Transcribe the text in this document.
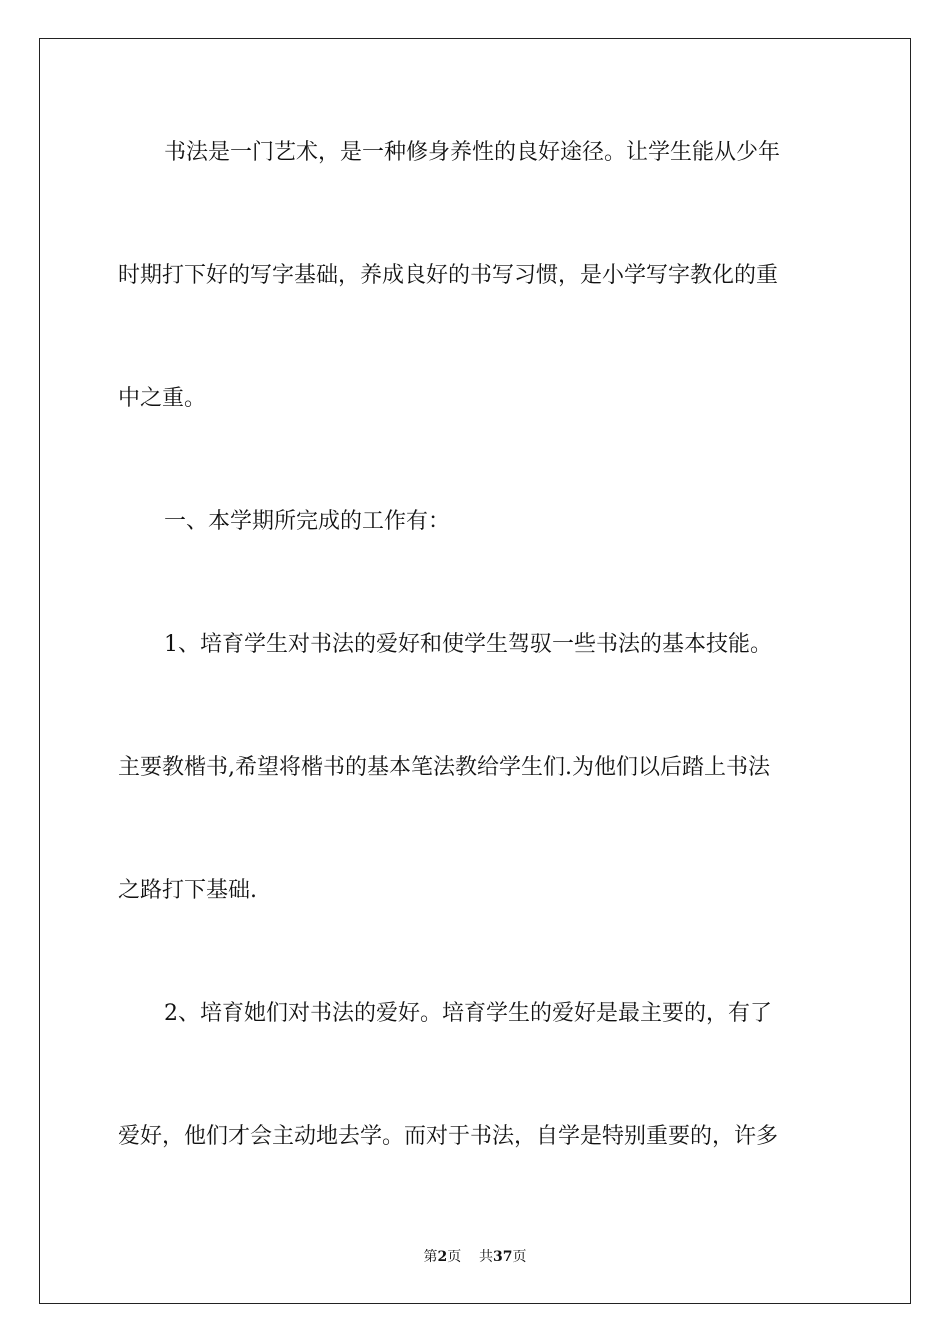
书法是一门艺术，是一种修身养性的良好途径。让学生能从少年
时期打下好的写字基础，养成良好的书写习惯，是小学写字教化的重
中之重。
一、本学期所完成的工作有：
1、培育学生对书法的爱好和使学生驾驭一些书法的基本技能。
主要教楷书,希望将楷书的基本笔法教给学生们.为他们以后踏上书法
之路打下基础.
2、培育她们对书法的爱好。培育学生的爱好是最主要的，有了
爱好，他们才会主动地去学。而对于书法，自学是特别重要的，许多
第2页 共37页
